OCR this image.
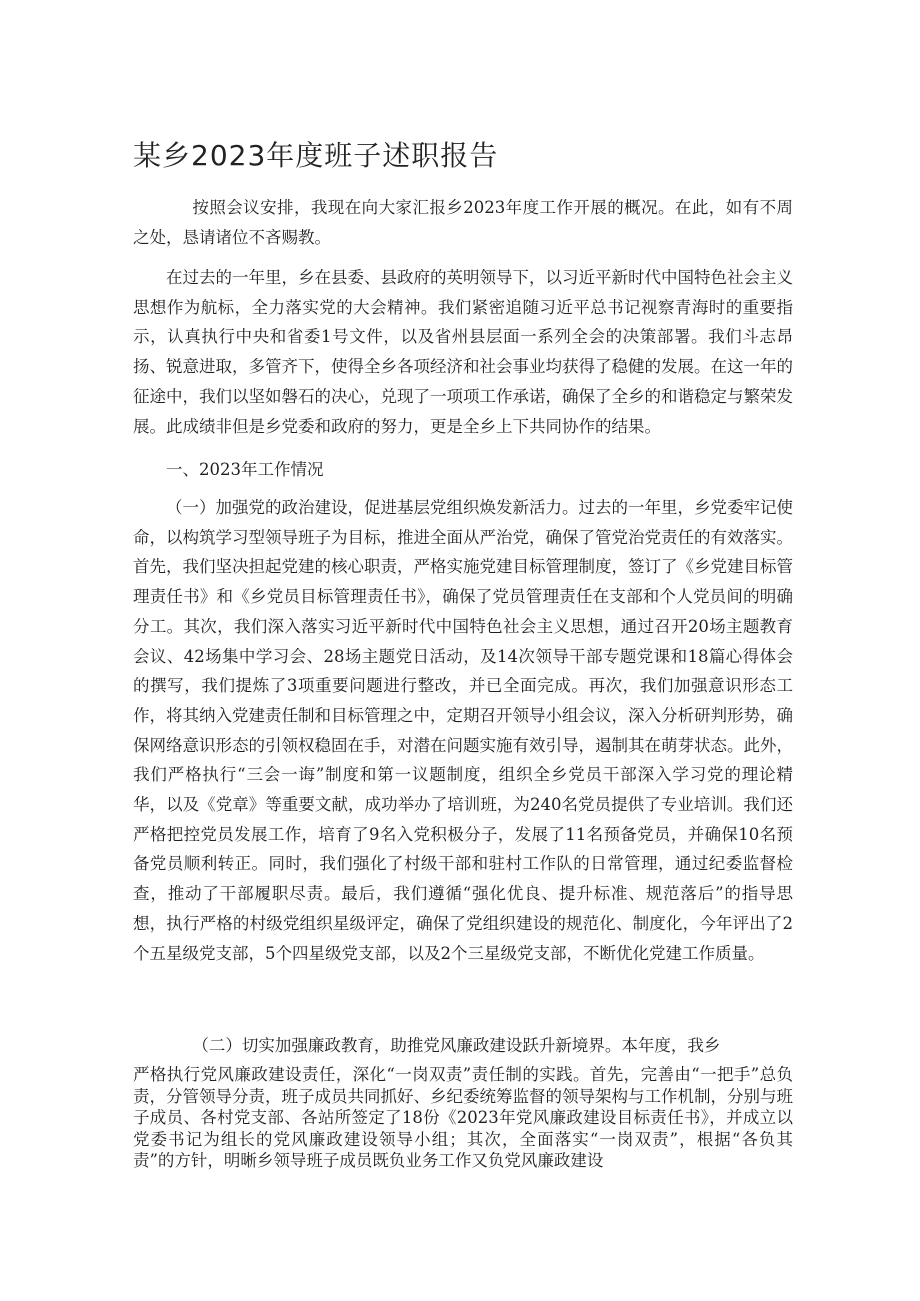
某乡2023年度班子述职报告

按照会议安排，我现在向大家汇报乡2023年度工作开展的概况。在此，如有不周之处，恳请诸位不吝赐教。

在过去的一年里，乡在县委、县政府的英明领导下，以习近平新时代中国特色社会主义思想作为航标，全力落实党的大会精神。我们紧密追随习近平总书记视察青海时的重要指示，认真执行中央和省委1号文件，以及省州县层面一系列全会的决策部署。我们斗志昂扬、锐意进取，多管齐下，使得全乡各项经济和社会事业均获得了稳健的发展。在这一年的征途中，我们以坚如磐石的决心，兑现了一项项工作承诺，确保了全乡的和谐稳定与繁荣发展。此成绩非但是乡党委和政府的努力，更是全乡上下共同协作的结果。

一、2023年工作情况

（一）加强党的政治建设，促进基层党组织焕发新活力。过去的一年里，乡党委牢记使命，以构筑学习型领导班子为目标，推进全面从严治党，确保了管党治党责任的有效落实。首先，我们坚决担起党建的核心职责，严格实施党建目标管理制度，签订了《乡党建目标管理责任书》和《乡党员目标管理责任书》，确保了党员管理责任在支部和个人党员间的明确分工。其次，我们深入落实习近平新时代中国特色社会主义思想，通过召开20场主题教育会议、42场集中学习会、28场主题党日活动，及14次领导干部专题党课和18篇心得体会的撰写，我们提炼了3项重要问题进行整改，并已全面完成。再次，我们加强意识形态工作，将其纳入党建责任制和目标管理之中，定期召开领导小组会议，深入分析研判形势，确保网络意识形态的引领权稳固在手，对潜在问题实施有效引导，遏制其在萌芽状态。此外，我们严格执行“三会一诲”制度和第一议题制度，组织全乡党员干部深入学习党的理论精华，以及《党章》等重要文献，成功举办了培训班，为240名党员提供了专业培训。我们还严格把控党员发展工作，培育了9名入党积极分子，发展了11名预备党员，并确保10名预备党员顺利转正。同时，我们强化了村级干部和驻村工作队的日常管理，通过纪委监督检查，推动了干部履职尽责。最后，我们遵循“强化优良、提升标准、规范落后”的指导思想，执行严格的村级党组织星级评定，确保了党组织建设的规范化、制度化，今年评出了2个五星级党支部，5个四星级党支部，以及2个三星级党支部，不断优化党建工作质量。

（二）切实加强廉政教育，助推党风廉政建设跃升新境界。本年度，我乡

严格执行党风廉政建设责任，深化“一岗双责”责任制的实践。首先，完善由“一把手”总负责，分管领导分责，班子成员共同抓好、乡纪委统筹监督的领导架构与工作机制，分别与班子成员、各村党支部、各站所签定了18份《2023年党风廉政建设目标责任书》，并成立以党委书记为组长的党风廉政建设领导小组；其次，全面落实“一岗双责”，根据“各负其责”的方针，明晰乡领导班子成员既负业务工作又负党风廉政建设
